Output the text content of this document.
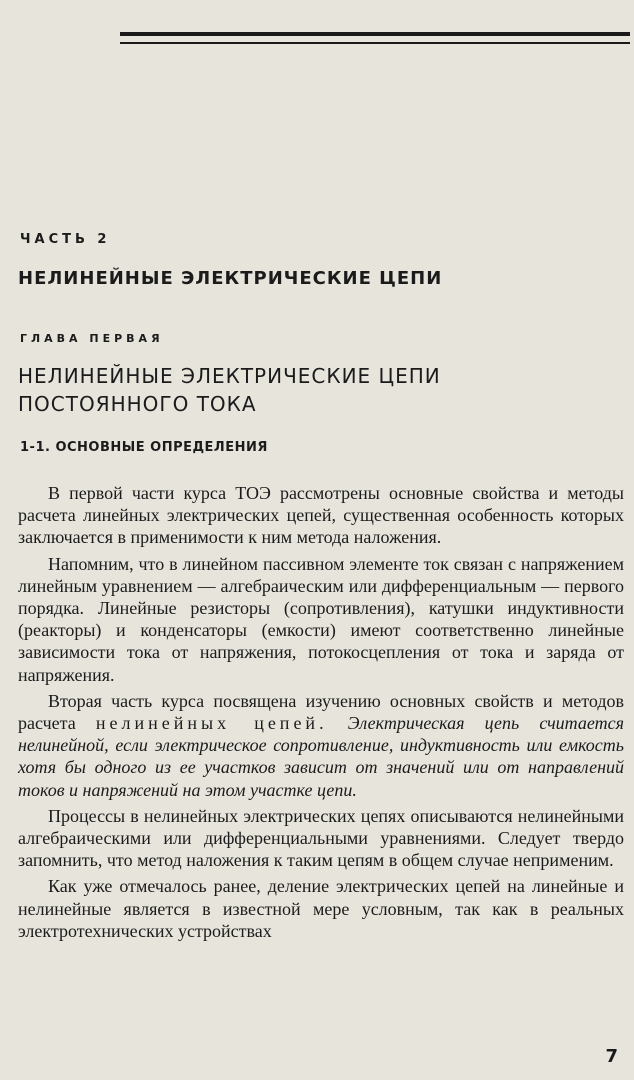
ЧАСТЬ 2
НЕЛИНЕЙНЫЕ ЭЛЕКТРИЧЕСКИЕ ЦЕПИ
ГЛАВА ПЕРВАЯ
НЕЛИНЕЙНЫЕ ЭЛЕКТРИЧЕСКИЕ ЦЕПИ ПОСТОЯННОГО ТОКА
1-1. ОСНОВНЫЕ ОПРЕДЕЛЕНИЯ

В первой части курса ТОЭ рассмотрены основные свойства и методы расчета линейных электрических цепей, существенная особенность которых заключается в применимости к ним метода наложения.

Напомним, что в линейном пассивном элементе ток связан с напряжением линейным уравнением — алгебраическим или дифференциальным — первого порядка. Линейные резисторы (сопротивления), катушки индуктивности (реакторы) и конденсаторы (емкости) имеют соответственно линейные зависимости тока от напряжения, потокосцепления от тока и заряда от напряжения.

Вторая часть курса посвящена изучению основных свойств и методов расчета нелинейных цепей. Электрическая цепь считается нелинейной, если электрическое сопротивление, индуктивность или емкость хотя бы одного из ее участков зависит от значений или от направлений токов и напряжений на этом участке цепи.

Процессы в нелинейных электрических цепях описываются нелинейными алгебраическими или дифференциальными уравнениями. Следует твердо запомнить, что метод наложения к таким цепям в общем случае неприменим.

Как уже отмечалось ранее, деление электрических цепей на линейные и нелинейные является в известной мере условным, так как в реальных электротехнических устройствах

7
